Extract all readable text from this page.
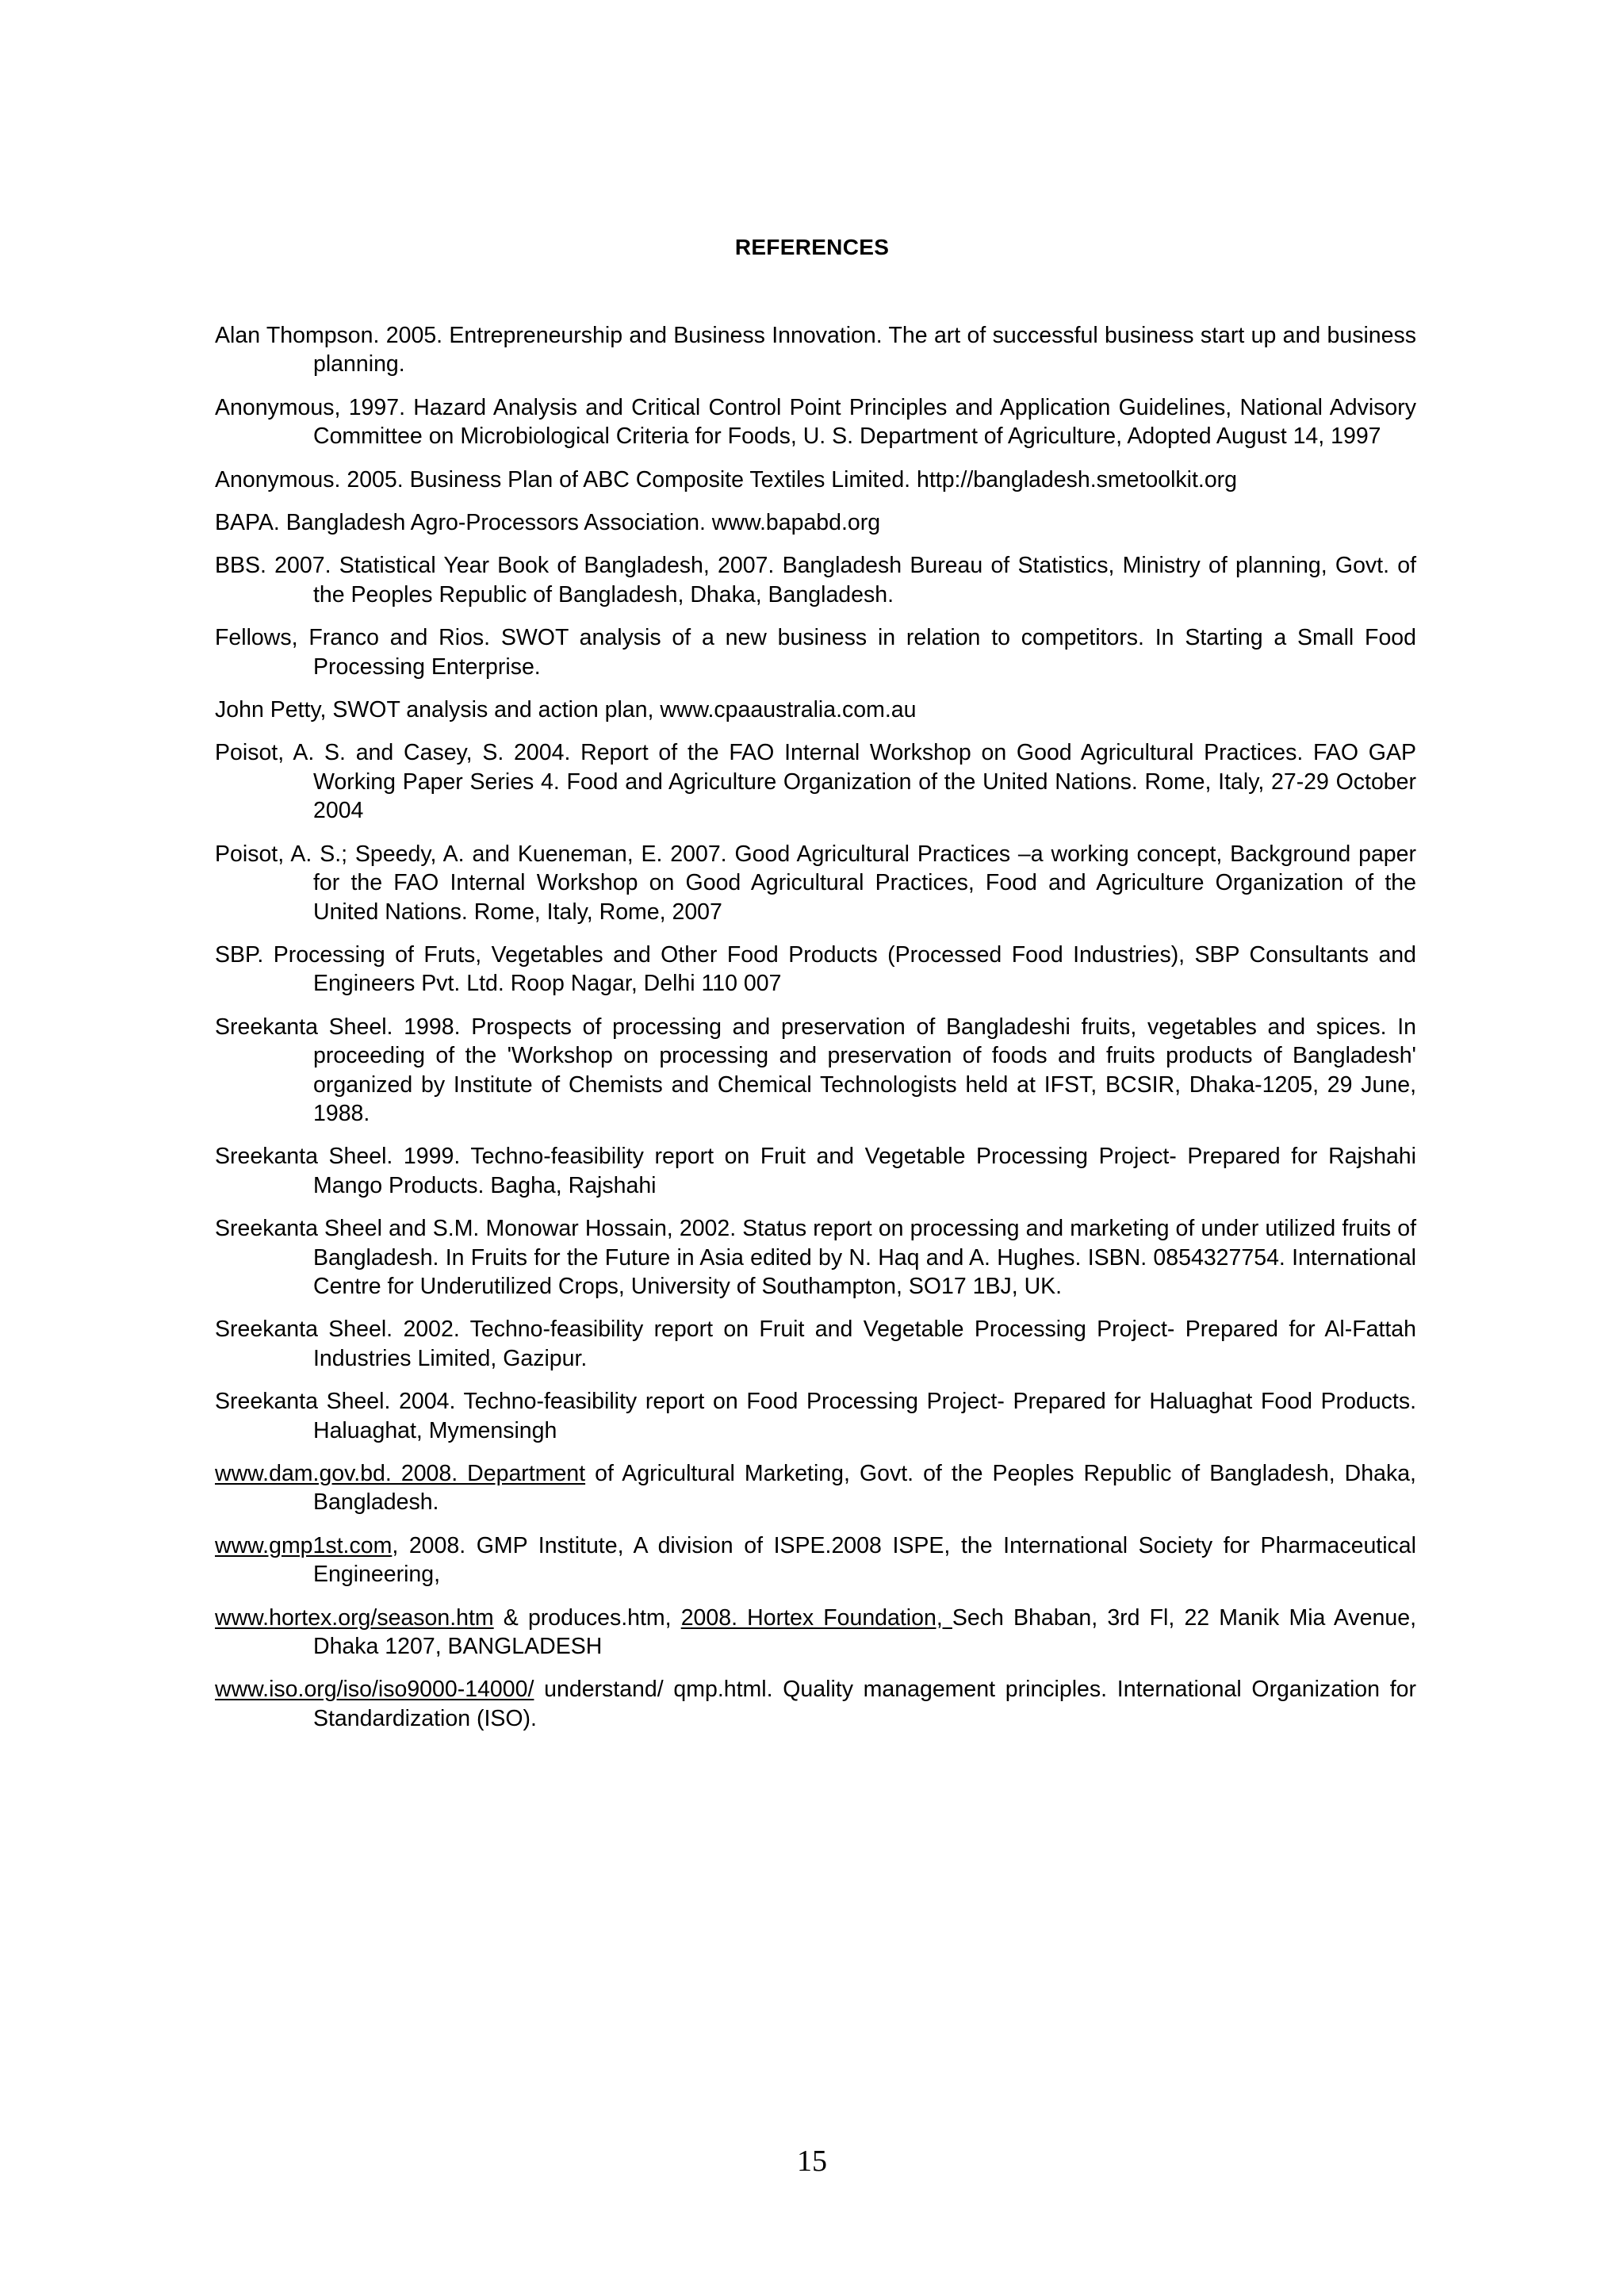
REFERENCES
Alan Thompson. 2005. Entrepreneurship and Business Innovation. The art of successful business start up and business planning.
Anonymous, 1997. Hazard Analysis and Critical Control Point Principles and Application Guidelines, National Advisory Committee on Microbiological Criteria for Foods, U. S. Department of Agriculture, Adopted August 14, 1997
Anonymous. 2005. Business Plan of ABC Composite Textiles Limited. http://bangladesh.smetoolkit.org
BAPA. Bangladesh Agro-Processors Association. www.bapabd.org
BBS. 2007. Statistical Year Book of Bangladesh, 2007. Bangladesh Bureau of Statistics, Ministry of planning, Govt. of the Peoples Republic of Bangladesh, Dhaka, Bangladesh.
Fellows, Franco and Rios. SWOT analysis of a new business in relation to competitors. In Starting a Small Food Processing Enterprise.
John Petty, SWOT analysis and action plan, www.cpaaustralia.com.au
Poisot, A. S. and Casey, S. 2004. Report of the FAO Internal Workshop on Good Agricultural Practices. FAO GAP Working Paper Series 4. Food and Agriculture Organization of the United Nations. Rome, Italy, 27-29 October 2004
Poisot, A. S.; Speedy, A. and Kueneman, E. 2007. Good Agricultural Practices –a working concept, Background paper for the FAO Internal Workshop on Good Agricultural Practices, Food and Agriculture Organization of the United Nations. Rome, Italy, Rome, 2007
SBP. Processing of Fruts, Vegetables and Other Food Products (Processed Food Industries), SBP Consultants and Engineers Pvt. Ltd. Roop Nagar, Delhi 110 007
Sreekanta Sheel. 1998. Prospects of processing and preservation of Bangladeshi fruits, vegetables and spices. In proceeding of the 'Workshop on processing and preservation of foods and fruits products of Bangladesh' organized by Institute of Chemists and Chemical Technologists held at IFST, BCSIR, Dhaka-1205, 29 June, 1988.
Sreekanta Sheel. 1999. Techno-feasibility report on Fruit and Vegetable Processing Project- Prepared for Rajshahi Mango Products. Bagha, Rajshahi
Sreekanta Sheel and S.M. Monowar Hossain, 2002. Status report on processing and marketing of under utilized fruits of Bangladesh. In Fruits for the Future in Asia edited by N. Haq and A. Hughes. ISBN. 0854327754. International Centre for Underutilized Crops, University of Southampton, SO17 1BJ, UK.
Sreekanta Sheel. 2002. Techno-feasibility report on Fruit and Vegetable Processing Project- Prepared for Al-Fattah Industries Limited, Gazipur.
Sreekanta Sheel. 2004. Techno-feasibility report on Food Processing Project- Prepared for Haluaghat Food Products. Haluaghat, Mymensingh
www.dam.gov.bd. 2008. Department of Agricultural Marketing, Govt. of the Peoples Republic of Bangladesh, Dhaka, Bangladesh.
www.gmp1st.com, 2008. GMP Institute, A division of ISPE.2008 ISPE, the International Society for Pharmaceutical Engineering,
www.hortex.org/season.htm & produces.htm, 2008. Hortex Foundation, Sech Bhaban, 3rd Fl, 22 Manik Mia Avenue, Dhaka 1207, BANGLADESH
www.iso.org/iso/iso9000-14000/ understand/ qmp.html. Quality management principles. International Organization for Standardization (ISO).
15
